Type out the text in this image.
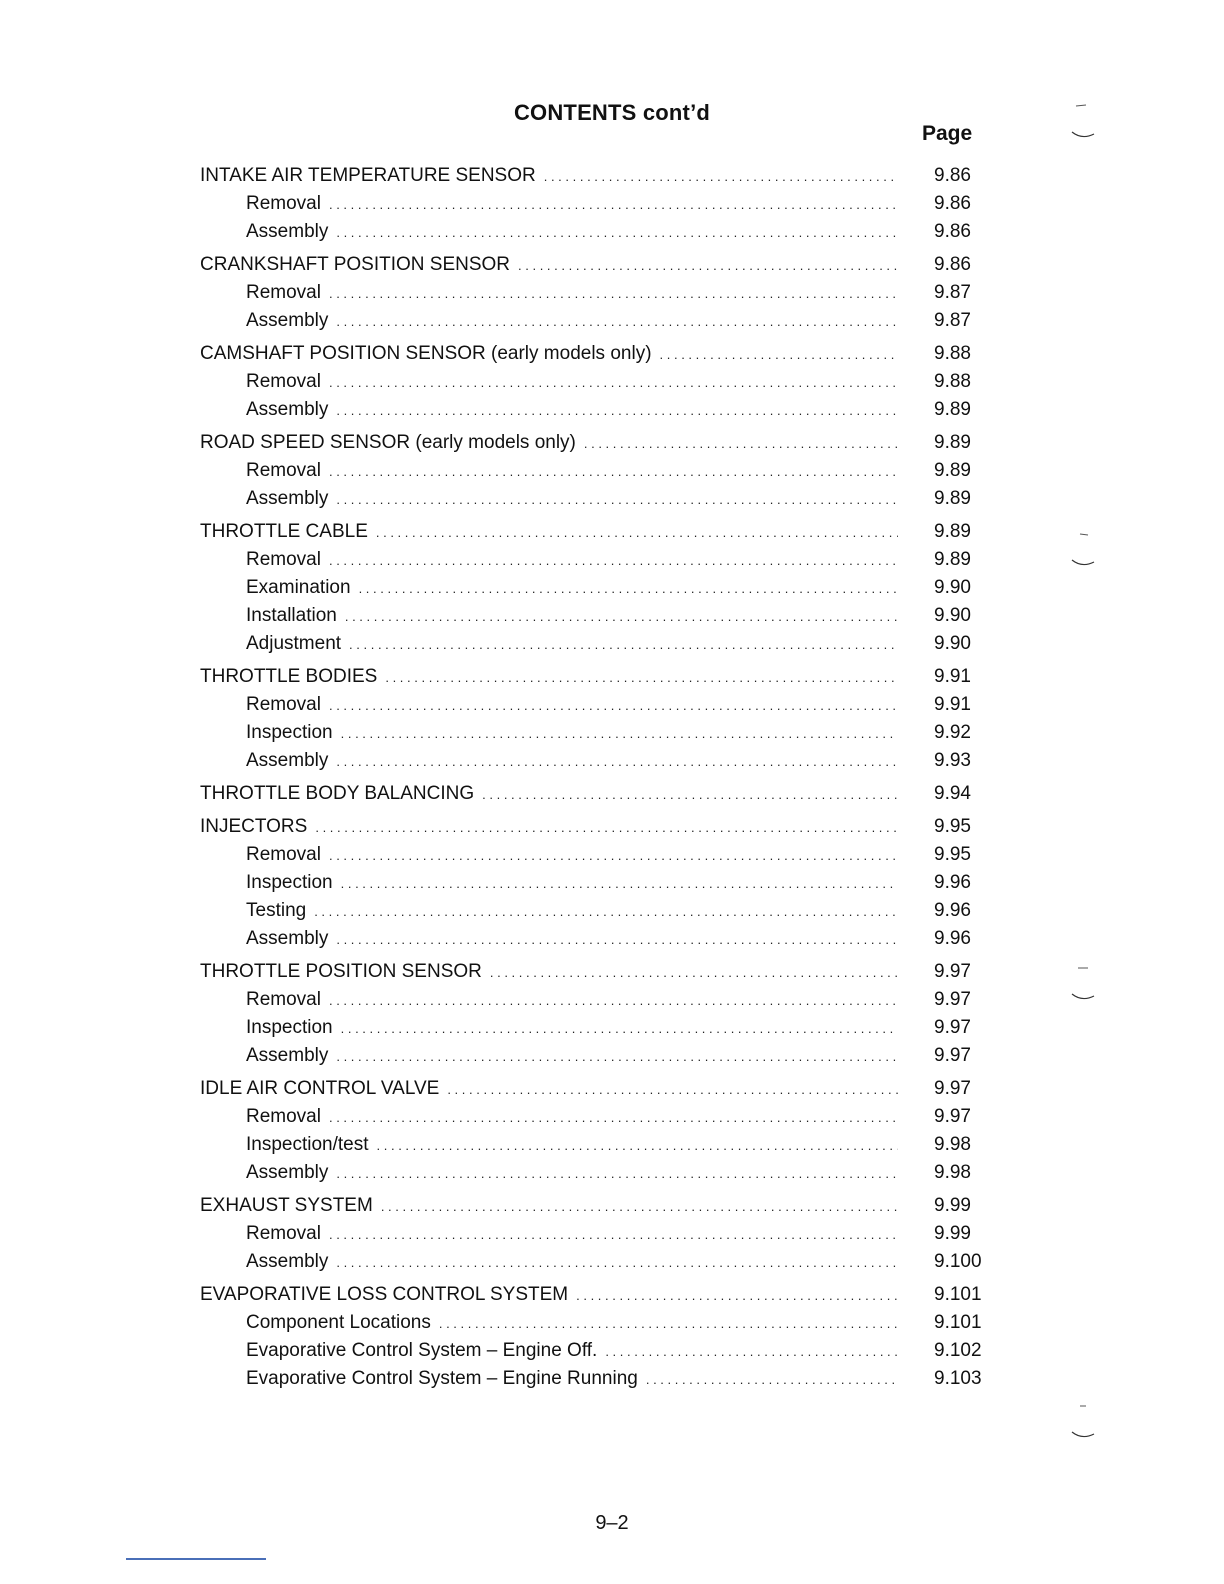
CONTENTS cont’d
Page
INTAKE AIR TEMPERATURE SENSOR . . .	9.86
Removal . . .	9.86
Assembly . . .	9.86
CRANKSHAFT POSITION SENSOR . . .	9.86
Removal . . .	9.87
Assembly . . .	9.87
CAMSHAFT POSITION SENSOR (early models only) . . .	9.88
Removal . . .	9.88
Assembly . . .	9.89
ROAD SPEED SENSOR (early models only) . . .	9.89
Removal . . .	9.89
Assembly . . .	9.89
THROTTLE CABLE . . .	9.89
Removal . . .	9.89
Examination . . .	9.90
Installation . . .	9.90
Adjustment . . .	9.90
THROTTLE BODIES . . .	9.91
Removal . . .	9.91
Inspection . . .	9.92
Assembly . . .	9.93
THROTTLE BODY BALANCING . . .	9.94
INJECTORS . . .	9.95
Removal . . .	9.95
Inspection . . .	9.96
Testing . . .	9.96
Assembly . . .	9.96
THROTTLE POSITION SENSOR . . .	9.97
Removal . . .	9.97
Inspection . . .	9.97
Assembly . . .	9.97
IDLE AIR CONTROL VALVE . . .	9.97
Removal . . .	9.97
Inspection/test . . .	9.98
Assembly . . .	9.98
EXHAUST SYSTEM . . .	9.99
Removal . . .	9.99
Assembly . . .	9.100
EVAPORATIVE LOSS CONTROL SYSTEM . . .	9.101
Component Locations . . .	9.101
Evaporative Control System – Engine Off. . . .	9.102
Evaporative Control System – Engine Running . . .	9.103
9–2
